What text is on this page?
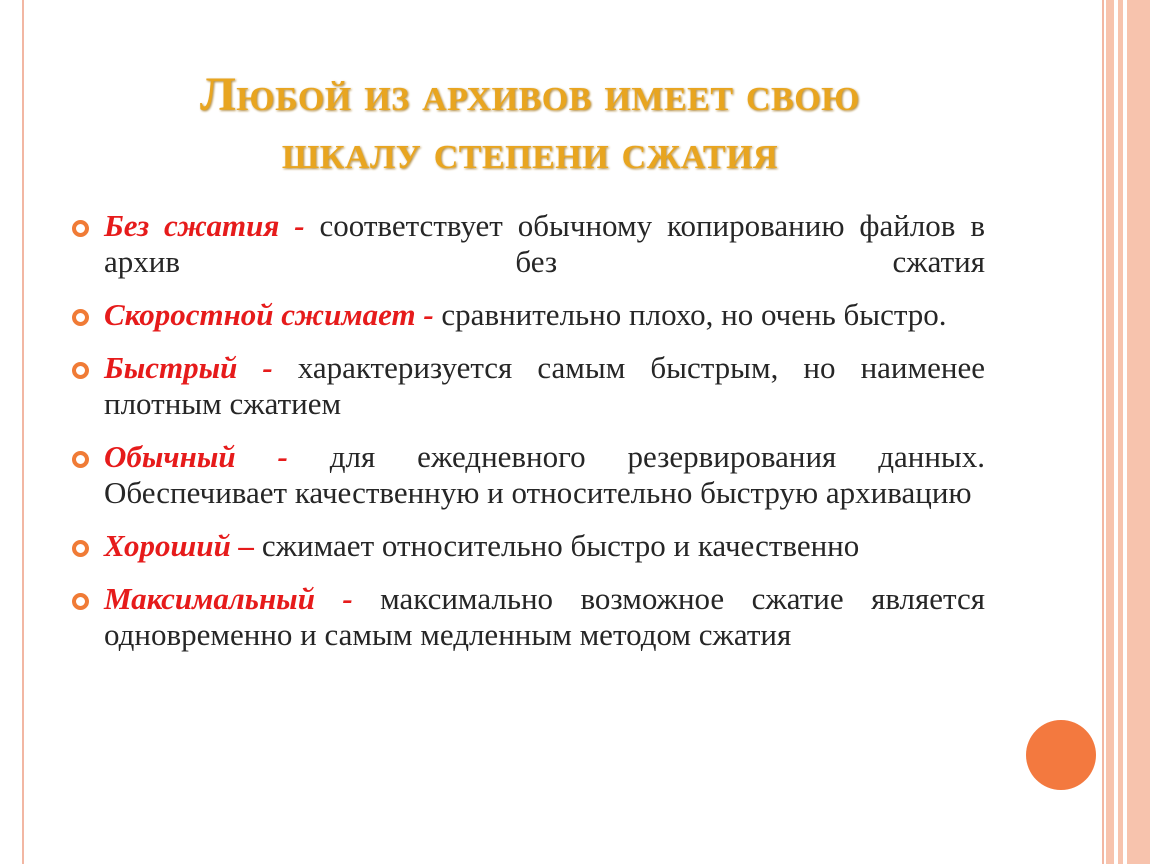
Любой из архивов имеет свою
шкалу степени сжатия
Без сжатия - соответствует обычному копированию файлов в архив без сжатия
Скоростной сжимает - сравнительно плохо, но очень быстро.
Быстрый - характеризуется самым быстрым, но наименее плотным сжатием
Обычный - для ежедневного резервирования данных. Обеспечивает качественную и относительно быструю архивацию
Хороший – сжимает относительно быстро и качественно
Максимальный - максимально возможное сжатие является одновременно и самым медленным методом сжатия
